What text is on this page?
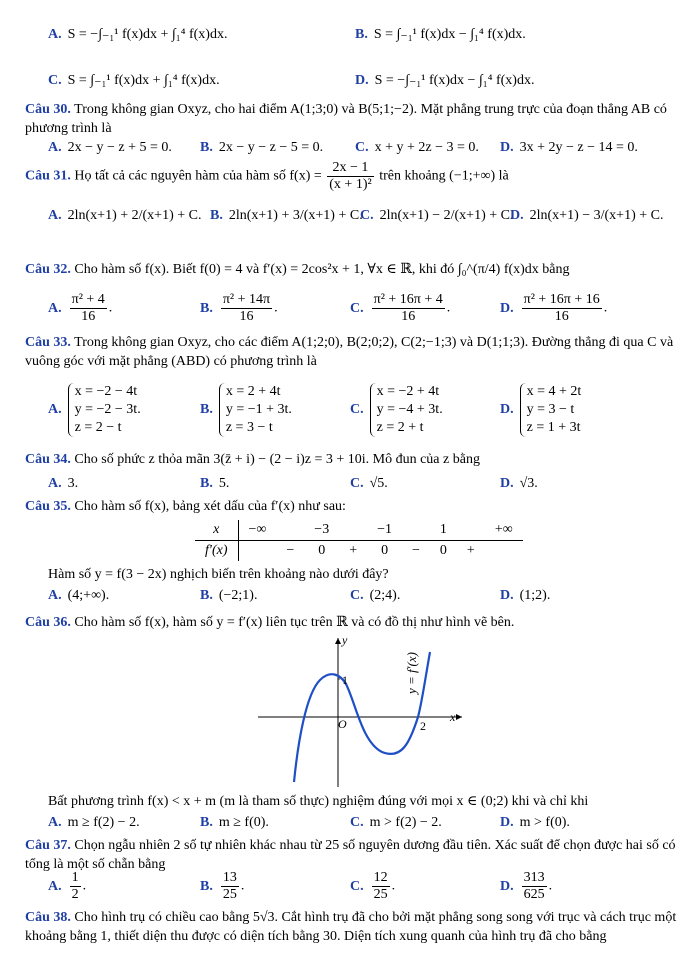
A. S = −∫₋₁¹ f(x)dx + ∫₁⁴ f(x)dx.	B. S = ∫₋₁¹ f(x)dx − ∫₁⁴ f(x)dx.
C. S = ∫₋₁¹ f(x)dx + ∫₁⁴ f(x)dx.	D. S = −∫₋₁¹ f(x)dx − ∫₁⁴ f(x)dx.
Câu 30. Trong không gian Oxyz, cho hai điểm A(1;3;0) và B(5;1;−2). Mặt phẳng trung trực của đoạn thẳng AB có phương trình là
A. 2x − y − z + 5 = 0. B. 2x − y − z − 5 = 0. C. x + y + 2z − 3 = 0. D. 3x + 2y − z − 14 = 0.
Câu 31. Họ tất cả các nguyên hàm của hàm số $f(x) = \frac{2x - 1}{\text{(x + 1)²}}$ trên khoảng (−1;+∞) là
A. 2ln(x+1) + 2/(x+1) + C. B. 2ln(x+1) + 3/(x+1) + C.
C. 2ln(x+1) − 2/(x+1) + C.
D. 2ln(x+1) − 3/(x+1) + C.
Câu 32. Cho hàm số f(x). Biết f(0) = 4 và f′(x) = 2cos²x + 1, ∀x ∈ ℝ, khi đó ∫₀^(π/4) f(x)dx bằng
A. $\frac{\text{π² + 4}}{16}$ .	B. $\frac{\text{π² + 14π}}{16}$ .	C. $\frac{\text{π² + 16π + 4}}{16}$ .	D. $\frac{\text{π² + 16π + 16}}{16}$ .
Câu 33. Trong không gian Oxyz, cho các điểm A(1;2;0), B(2;0;2), C(2;−1;3) và D(1;1;3). Đường thẳng đi qua C và vuông góc với mặt phẳng (ABD) có phương trình là
A.
x = −2 − 4t
y = −2 − 3t.
z = 2 − t
B.
x = 2 + 4t
y = −1 + 3t.
z = 3 − t
C.
x = −2 + 4t
y = −4 + 3t.
z = 2 + t
D.
x = 4 + 2t
y = 3 − t
z = 1 + 3t
Câu 34. Cho số phức z thỏa mãn 3(z̄ + i) − (2 − i)z = 3 + 10i. Mô đun của z bằng
A. 3.	B. 5.	C. √5.	D. √3.
Câu 35. Cho hàm số f(x), bảng xét dấu của f′(x) như sau:
x	−∞		−3		−1		1		+∞
f′(x)		−	0	+	0	−	0	+	
Hàm số y = f(3 − 2x) nghịch biến trên khoảng nào dưới đây?
A. (4;+∞).	B. (−2;1).	C. (2;4).	D. (1;2).
Câu 36. Cho hàm số f(x), hàm số y = f′(x) liên tục trên ℝ và có đồ thị như hình vẽ bên.
x
y
O
1
2
y = f′(x)
Bất phương trình f(x) < x + m (m là tham số thực) nghiệm đúng với mọi x ∈ (0;2) khi và chỉ khi
A. m ≥ f(2) − 2.	B. m ≥ f(0).	C. m > f(2) − 2.	D. m > f(0).
Câu 37. Chọn ngẫu nhiên 2 số tự nhiên khác nhau từ 25 số nguyên dương đầu tiên. Xác suất để chọn được hai số có tổng là một số chẵn bằng
A. $\frac{1}{2}$ .	B. $\frac{13}{25}$ .	C. $\frac{12}{25}$ .	D. $\frac{313}{625}$ .
Câu 38. Cho hình trụ có chiều cao bằng 5√3. Cắt hình trụ đã cho bởi mặt phẳng song song với trục và cách trục một khoảng bằng 1, thiết diện thu được có diện tích bằng 30. Diện tích xung quanh của hình trụ đã cho bằng
